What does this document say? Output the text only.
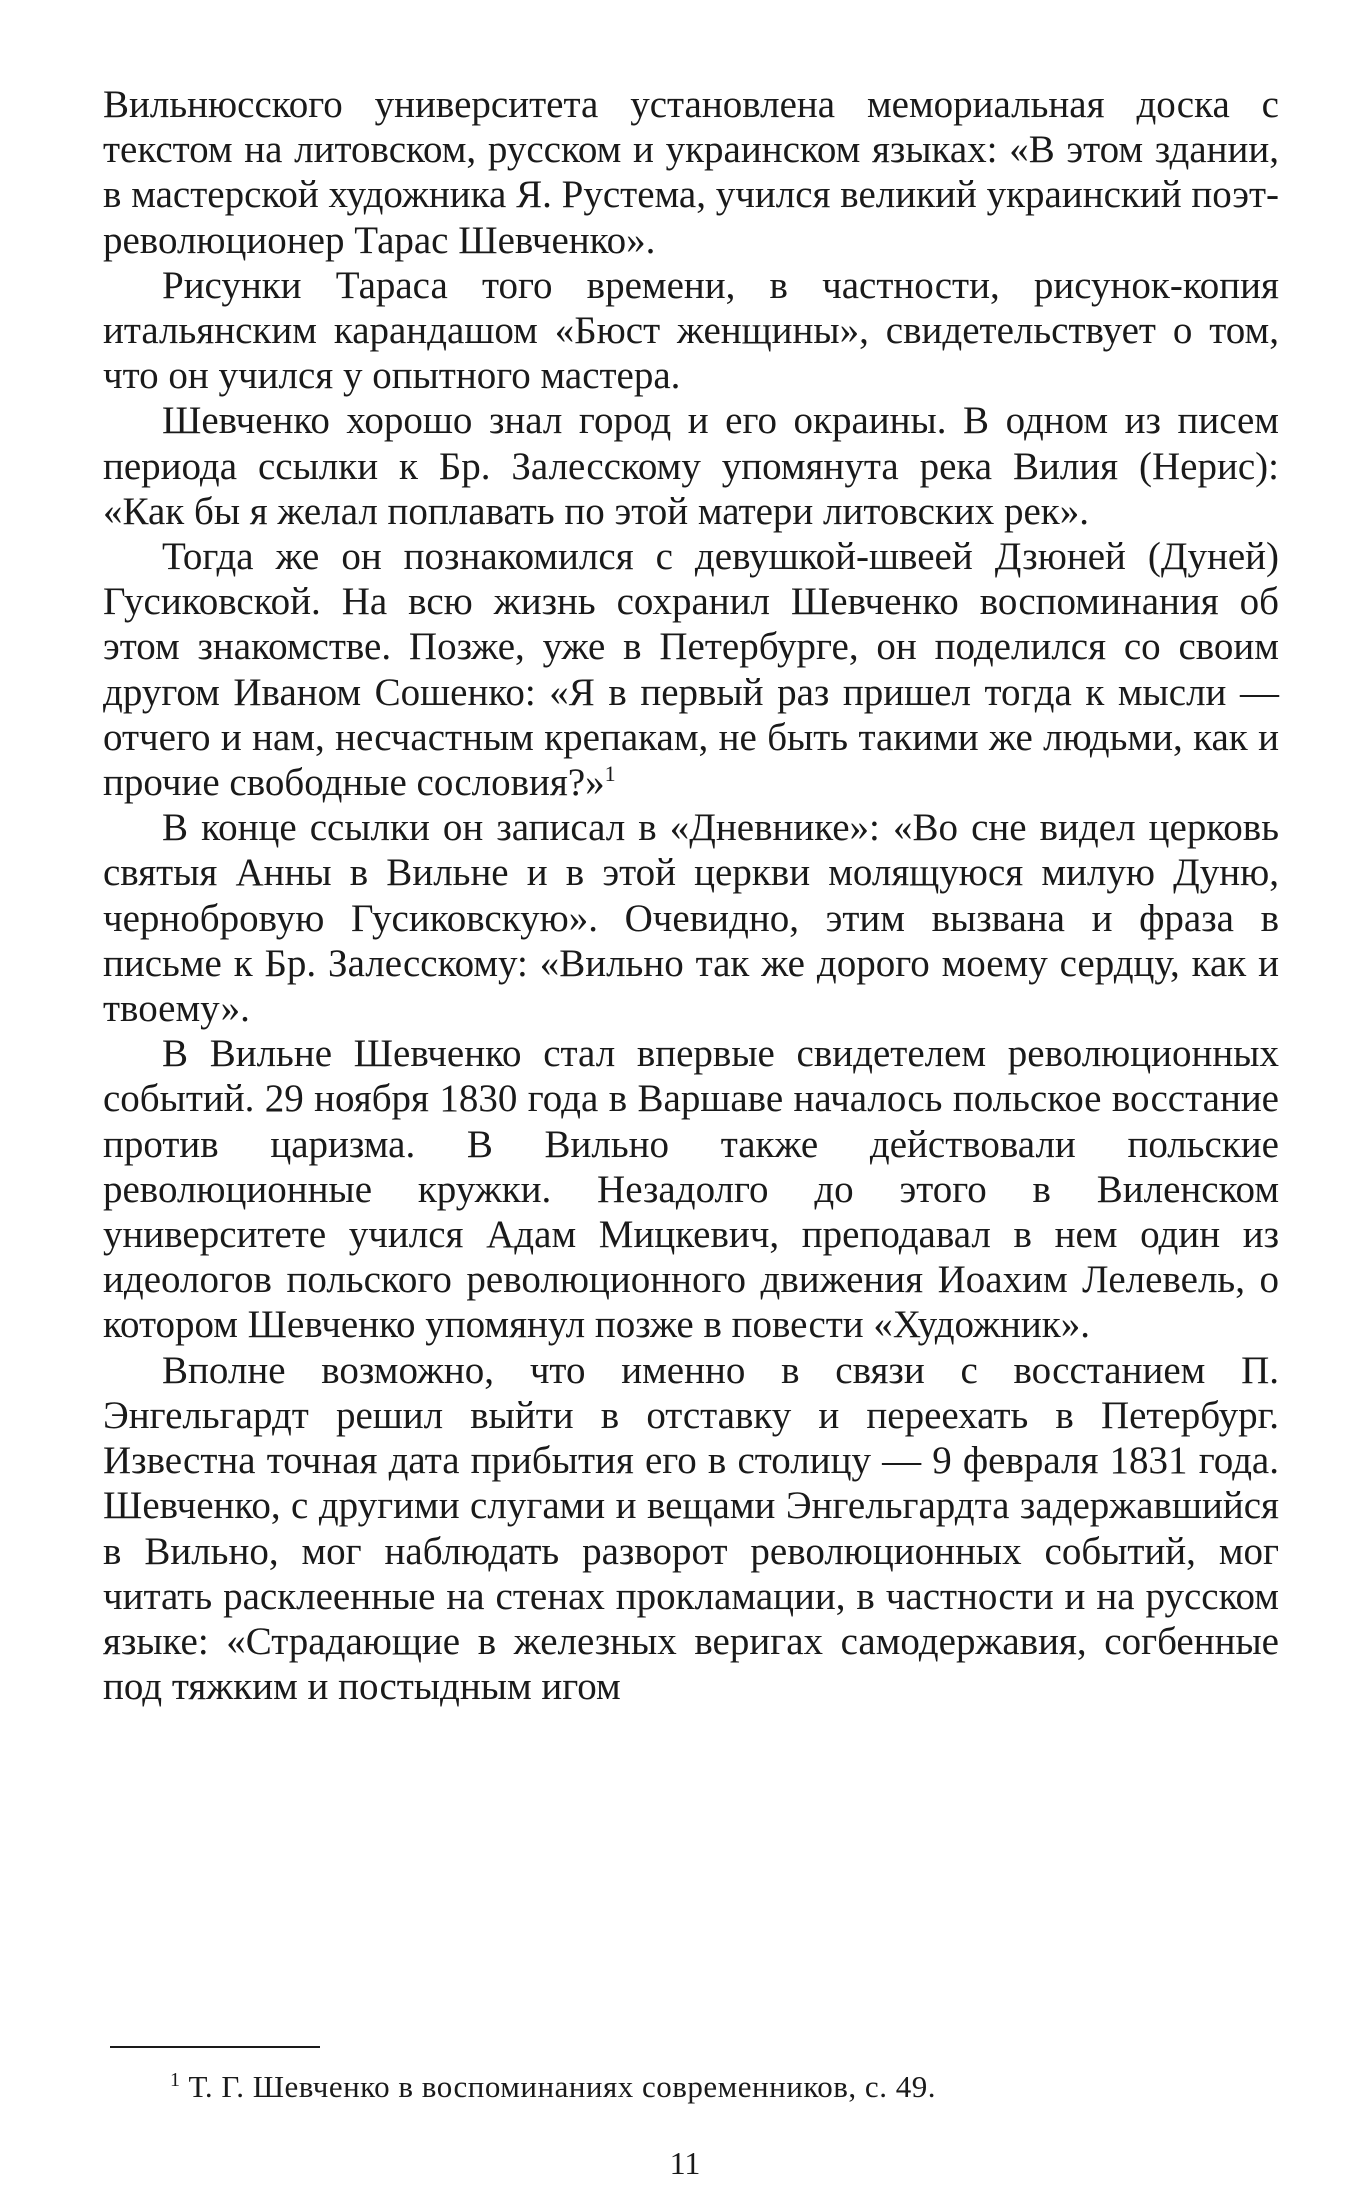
Вильнюсского университета установлена мемориальная доска с текстом на литовском, русском и украинском языках: «В этом здании, в мастерской художника Я. Рустема, учился великий украинский поэт-революционер Тарас Шевченко».

Рисунки Тараса того времени, в частности, рисунок-копия итальянским карандашом «Бюст женщины», свидетельствует о том, что он учился у опытного мастера.

Шевченко хорошо знал город и его окраины. В одном из писем периода ссылки к Бр. Залесскому упомянута река Вилия (Нерис): «Как бы я желал поплавать по этой матери литовских рек».

Тогда же он познакомился с девушкой-швеей Дзюней (Дуней) Гусиковской. На всю жизнь сохранил Шевченко воспоминания об этом знакомстве. Позже, уже в Петербурге, он поделился со своим другом Иваном Сошенко: «Я в первый раз пришел тогда к мысли — отчего и нам, несчастным крепакам, не быть такими же людьми, как и прочие свободные сословия?»$^1$

В конце ссылки он записал в «Дневнике»: «Во сне видел церковь святыя Анны в Вильне и в этой церкви молящуюся милую Дуню, чернобровую Гусиковскую». Очевидно, этим вызвана и фраза в письме к Бр. Залесскому: «Вильно так же дорого моему сердцу, как и твоему».

В Вильне Шевченко стал впервые свидетелем революционных событий. 29 ноября 1830 года в Варшаве началось польское восстание против царизма. В Вильно также действовали польские революционные кружки. Незадолго до этого в Виленском университете учился Адам Мицкевич, преподавал в нем один из идеологов польского революционного движения Иоахим Лелевель, о котором Шевченко упомянул позже в повести «Художник».

Вполне возможно, что именно в связи с восстанием П. Энгельгардт решил выйти в отставку и переехать в Петербург. Известна точная дата прибытия его в столицу — 9 февраля 1831 года. Шевченко, с другими слугами и вещами Энгельгардта задержавшийся в Вильно, мог наблюдать разворот революционных событий, мог читать расклеенные на стенах прокламации, в частности и на русском языке: «Страдающие в железных веригах самодержавия, согбенные под тяжким и постыдным игом

$^1$ Т. Г. Шевченко в воспоминаниях современников, с. 49.
11
